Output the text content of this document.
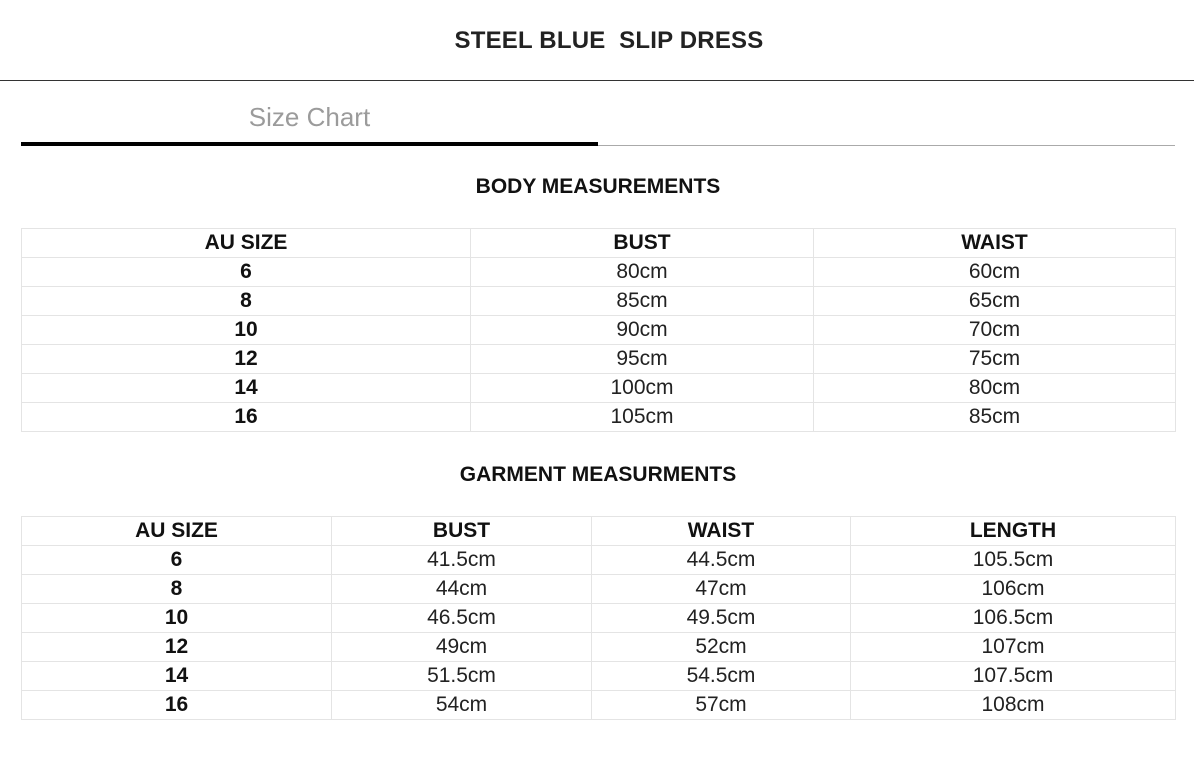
STEEL BLUE  SLIP DRESS
Size Chart
BODY MEASUREMENTS
AU SIZE	BUST	WAIST
6	80cm	60cm
8	85cm	65cm
10	90cm	70cm
12	95cm	75cm
14	100cm	80cm
16	105cm	85cm
GARMENT MEASURMENTS
AU SIZE	BUST	WAIST	LENGTH
6	41.5cm	44.5cm	105.5cm
8	44cm	47cm	106cm
10	46.5cm	49.5cm	106.5cm
12	49cm	52cm	107cm
14	51.5cm	54.5cm	107.5cm
16	54cm	57cm	108cm
